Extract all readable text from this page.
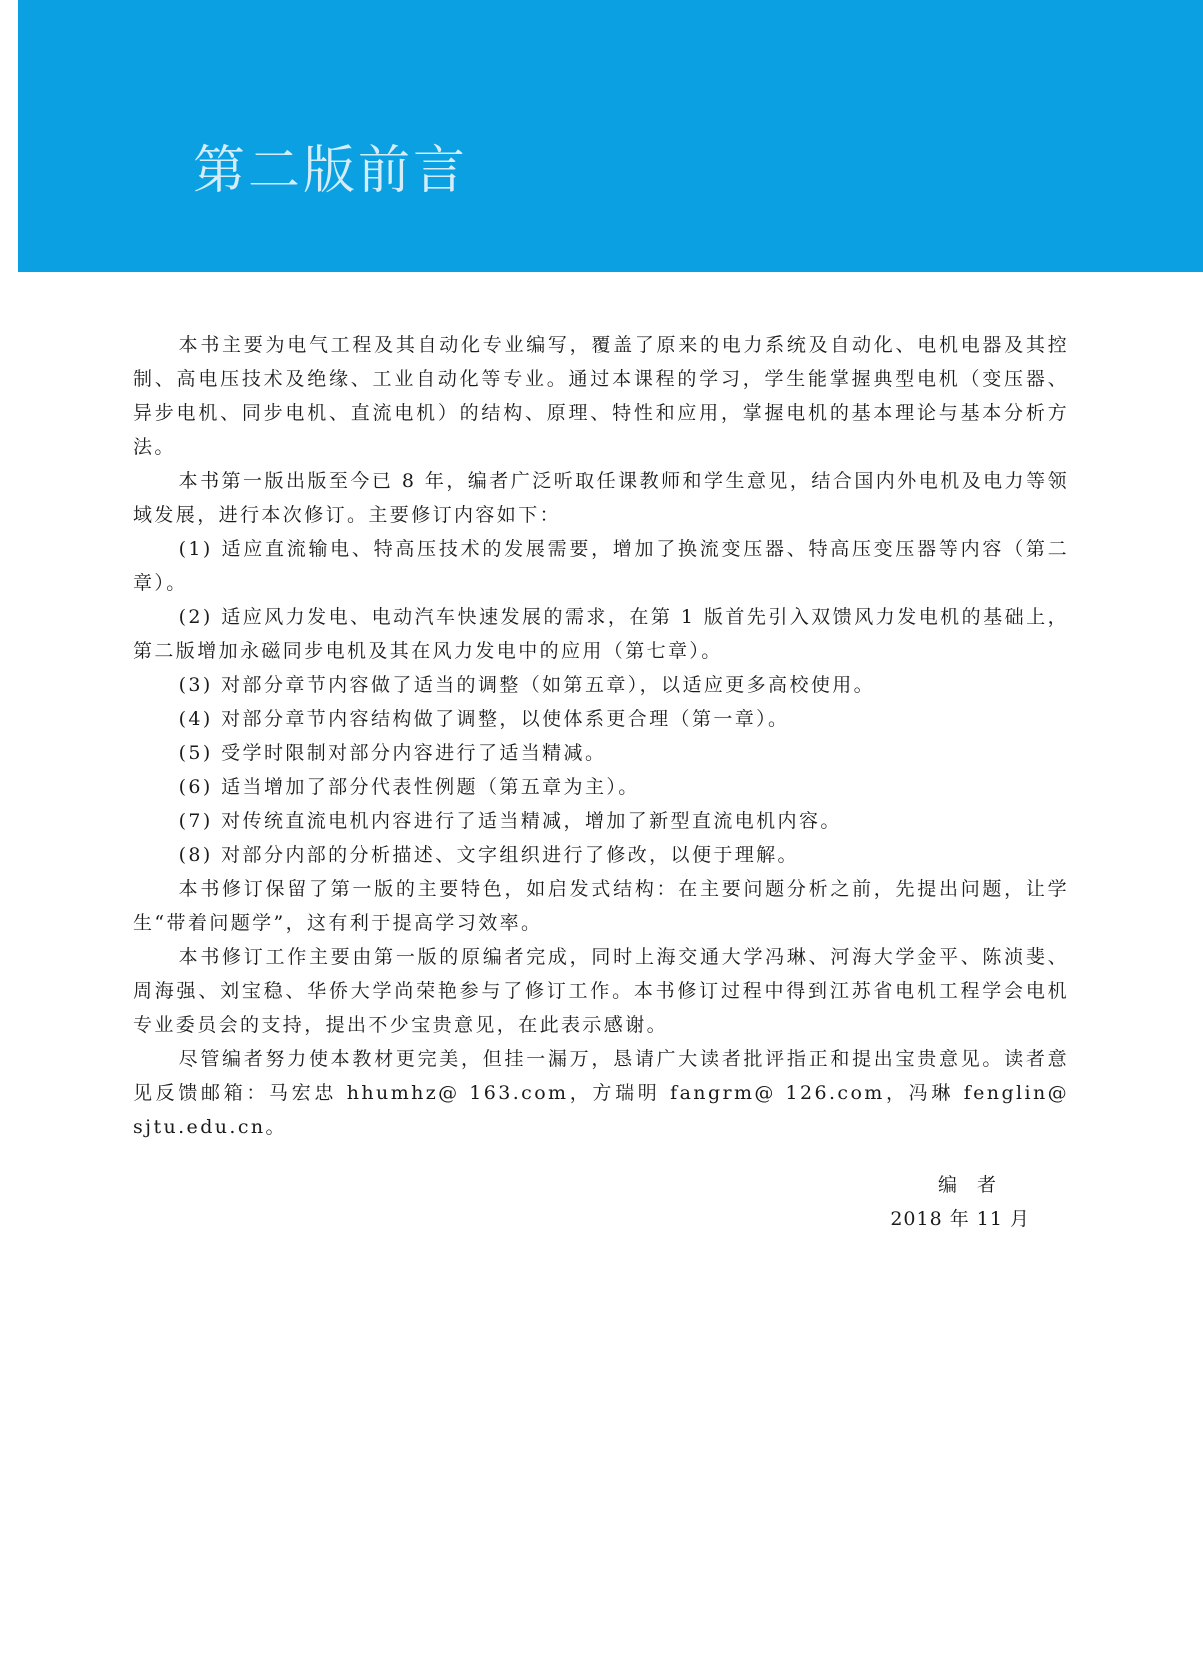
第二版前言

本书主要为电气工程及其自动化专业编写，覆盖了原来的电力系统及自动化、电机电器及其控制、高电压技术及绝缘、工业自动化等专业。通过本课程的学习，学生能掌握典型电机（变压器、异步电机、同步电机、直流电机）的结构、原理、特性和应用，掌握电机的基本理论与基本分析方法。

本书第一版出版至今已 8 年，编者广泛听取任课教师和学生意见，结合国内外电机及电力等领域发展，进行本次修订。主要修订内容如下：

(1) 适应直流输电、特高压技术的发展需要，增加了换流变压器、特高压变压器等内容（第二章）。

(2) 适应风力发电、电动汽车快速发展的需求，在第 1 版首先引入双馈风力发电机的基础上，第二版增加永磁同步电机及其在风力发电中的应用（第七章）。

(3) 对部分章节内容做了适当的调整（如第五章），以适应更多高校使用。

(4) 对部分章节内容结构做了调整，以使体系更合理（第一章）。

(5) 受学时限制对部分内容进行了适当精减。

(6) 适当增加了部分代表性例题（第五章为主）。

(7) 对传统直流电机内容进行了适当精减，增加了新型直流电机内容。

(8) 对部分内部的分析描述、文字组织进行了修改，以便于理解。

本书修订保留了第一版的主要特色，如启发式结构：在主要问题分析之前，先提出问题，让学生“带着问题学”，这有利于提高学习效率。

本书修订工作主要由第一版的原编者完成，同时上海交通大学冯琳、河海大学金平、陈浈斐、周海强、刘宝稳、华侨大学尚荣艳参与了修订工作。本书修订过程中得到江苏省电机工程学会电机专业委员会的支持，提出不少宝贵意见，在此表示感谢。

尽管编者努力使本教材更完美，但挂一漏万，恳请广大读者批评指正和提出宝贵意见。读者意见反馈邮箱：马宏忠 hhumhz@ 163.com，方瑞明 fangrm@ 126.com，冯琳 fenglin@ sjtu.edu.cn。

编者
2018 年 11 月
